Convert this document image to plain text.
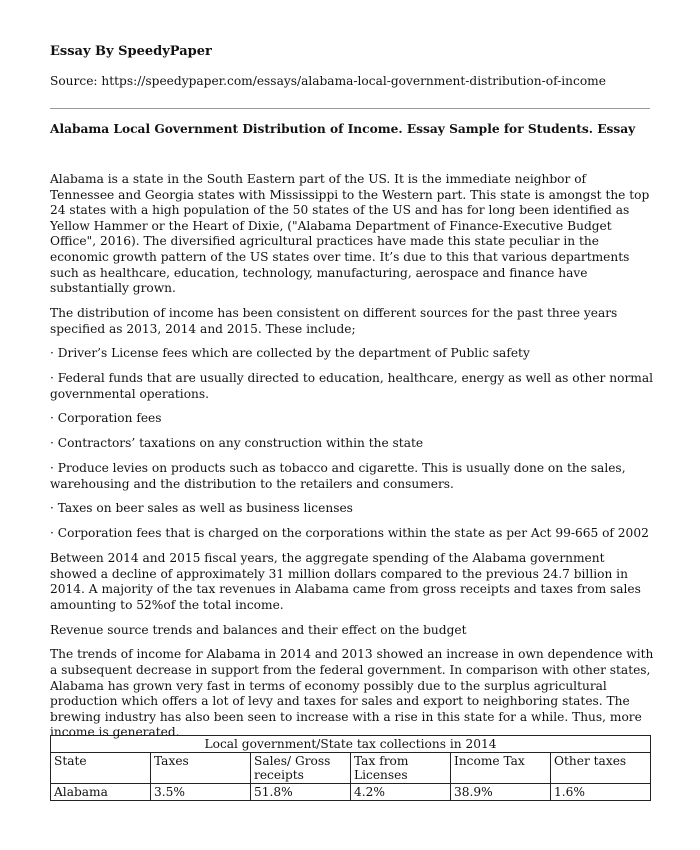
Essay By SpeedyPaper
Source: https://speedypaper.com/essays/alabama-local-government-distribution-of-income
Alabama Local Government Distribution of Income. Essay Sample for Students. Essay

Alabama is a state in the South Eastern part of the US. It is the immediate neighbor of Tennessee and Georgia states with Mississippi to the Western part. This state is amongst the top 24 states with a high population of the 50 states of the US and has for long been identified as Yellow Hammer or the Heart of Dixie, ("Alabama Department of Finance-Executive Budget Office", 2016). The diversified agricultural practices have made this state peculiar in the economic growth pattern of the US states over time. It’s due to this that various departments such as healthcare, education, technology, manufacturing, aerospace and finance have substantially grown.

The distribution of income has been consistent on different sources for the past three years specified as 2013, 2014 and 2015. These include;

· Driver’s License fees which are collected by the department of Public safety

· Federal funds that are usually directed to education, healthcare, energy as well as other normal governmental operations.

· Corporation fees

· Contractors’ taxations on any construction within the state

· Produce levies on products such as tobacco and cigarette. This is usually done on the sales, warehousing and the distribution to the retailers and consumers.

· Taxes on beer sales as well as business licenses

· Corporation fees that is charged on the corporations within the state as per Act 99-665 of 2002

Between 2014 and 2015 fiscal years, the aggregate spending of the Alabama government showed a decline of approximately 31 million dollars compared to the previous 24.7 billion in 2014. A majority of the tax revenues in Alabama came from gross receipts and taxes from sales amounting to 52%of the total income.

Revenue source trends and balances and their effect on the budget

The trends of income for Alabama in 2014 and 2013 showed an increase in own dependence with a subsequent decrease in support from the federal government. In comparison with other states, Alabama has grown very fast in terms of economy possibly due to the surplus agricultural production which offers a lot of levy and taxes for sales and export to neighboring states. The brewing industry has also been seen to increase with a rise in this state for a while. Thus, more income is generated.

Local government/State tax collections in 2014					
State	Taxes	Sales/ Gross receipts	Tax from Licenses	Income Tax	Other taxes
Alabama	3.5%	51.8%	4.2%	38.9%	1.6%
